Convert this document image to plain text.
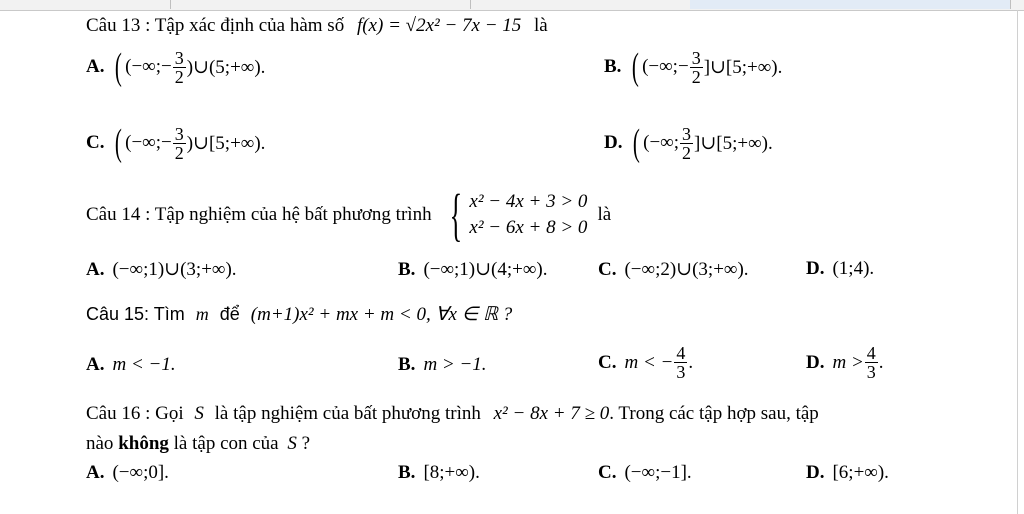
Câu 13 : Tập xác định của hàm số f(x) = √2x² − 7x − 15 là
A. ( (−∞; − $\frac{3}{2}$ )∪(5;+∞).	B. ( (−∞; − $\frac{3}{2}$ ]∪[5;+∞).
C. ( (−∞; − $\frac{3}{2}$ )∪[5;+∞).	D. ( (−∞; $\frac{3}{2}$ ]∪[5;+∞).
Câu 14 : Tập nghiệm của hệ bất phương trình { x² − 4x + 3 > 0
x² − 6x + 8 > 0
là
A. (−∞;1)∪(3;+∞).	B. (−∞;1)∪(4;+∞).	C. (−∞;2)∪(3;+∞).	D. (1;4).
Câu 15: Tìm m để (m+1)x² + mx + m < 0, ∀x ∈ ℝ ?
A. m < −1.	B. m > −1.	C. m < − $\frac{4}{3}$ .	D. $m > \frac{4}{3}$ .
Câu 16 : Gọi S là tập nghiệm của bất phương trình x² − 8x + 7 ≥ 0. Trong các tập hợp sau, tập
nào không là tập con của S ?
A. (−∞;0].	B. [8;+∞).	C. (−∞;−1].	D. [6;+∞).
